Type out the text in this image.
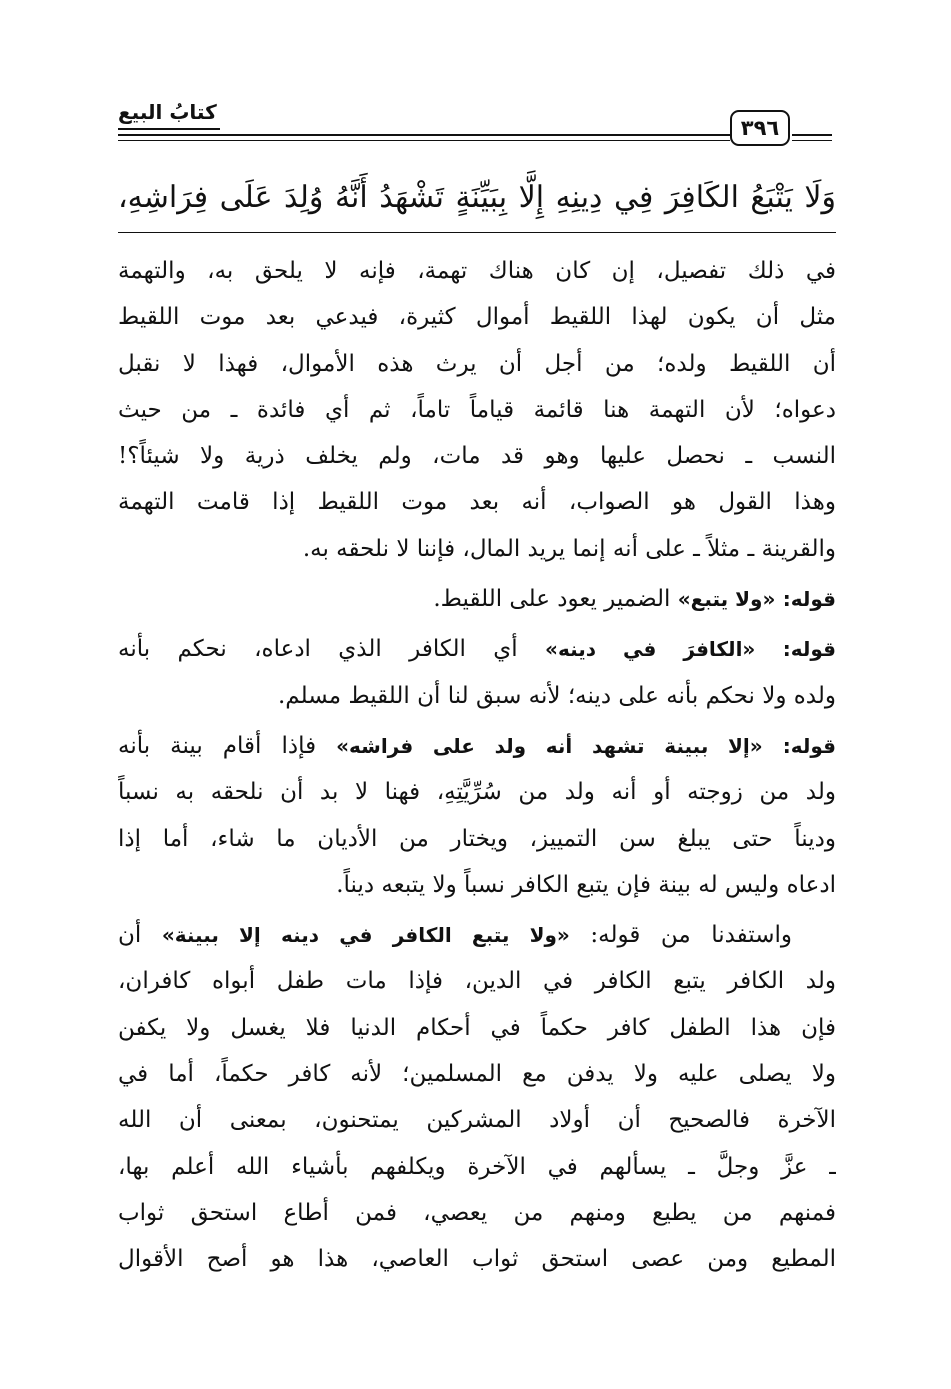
كتابُ البيع
٣٩٦
وَلَا يَتْبَعُ الكَافِرَ فِي دِينِهِ إِلَّا بِبَيِّنَةٍ تَشْهَدُ أَنَّهُ وُلِدَ عَلَى فِرَاشِهِ،
في ذلك تفصيل، إن كان هناك تهمة، فإنه لا يلحق به، والتهمة
مثل أن يكون لهذا اللقيط أموال كثيرة، فيدعي بعد موت اللقيط
أن اللقيط ولده؛ من أجل أن يرث هذه الأموال، فهذا لا نقبل
دعواه؛ لأن التهمة هنا قائمة قياماً تاماً، ثم أي فائدة ـ من حيث
النسب ـ نحصل عليها وهو قد مات، ولم يخلف ذرية ولا شيئاً؟!
وهذا القول هو الصواب، أنه بعد موت اللقيط إذا قامت التهمة
والقرينة ـ مثلاً ـ على أنه إنما يريد المال، فإننا لا نلحقه به.
قوله: «ولا يتبع» الضمير يعود على اللقيط.
قوله: «الكافرَ في دينه» أي الكافر الذي ادعاه، نحكم بأنه
ولده ولا نحكم بأنه على دينه؛ لأنه سبق لنا أن اللقيط مسلم.
قوله: «إلا ببينة تشهد أنه ولد على فراشه» فإذا أقام بينة بأنه
ولد من زوجته أو أنه ولد من سُرِّيَّتِهِ، فهنا لا بد أن نلحقه به نسباً
وديناً حتى يبلغ سن التمييز، ويختار من الأديان ما شاء، أما إذا
ادعاه وليس له بينة فإن يتبع الكافر نسباً ولا يتبعه ديناً.
واستفدنا من قوله: «ولا يتبع الكافر في دينه إلا ببينة» أن
ولد الكافر يتبع الكافر في الدين، فإذا مات طفل أبواه كافران،
فإن هذا الطفل كافر حكماً في أحكام الدنيا فلا يغسل ولا يكفن
ولا يصلى عليه ولا يدفن مع المسلمين؛ لأنه كافر حكماً، أما في
الآخرة فالصحيح أن أولاد المشركين يمتحنون، بمعنى أن الله
ـ عزَّ وجلَّ ـ يسألهم في الآخرة ويكلفهم بأشياء الله أعلم بها،
فمنهم من يطيع ومنهم من يعصي، فمن أطاع استحق ثواب
المطيع ومن عصى استحق ثواب العاصي، هذا هو أصح الأقوال
